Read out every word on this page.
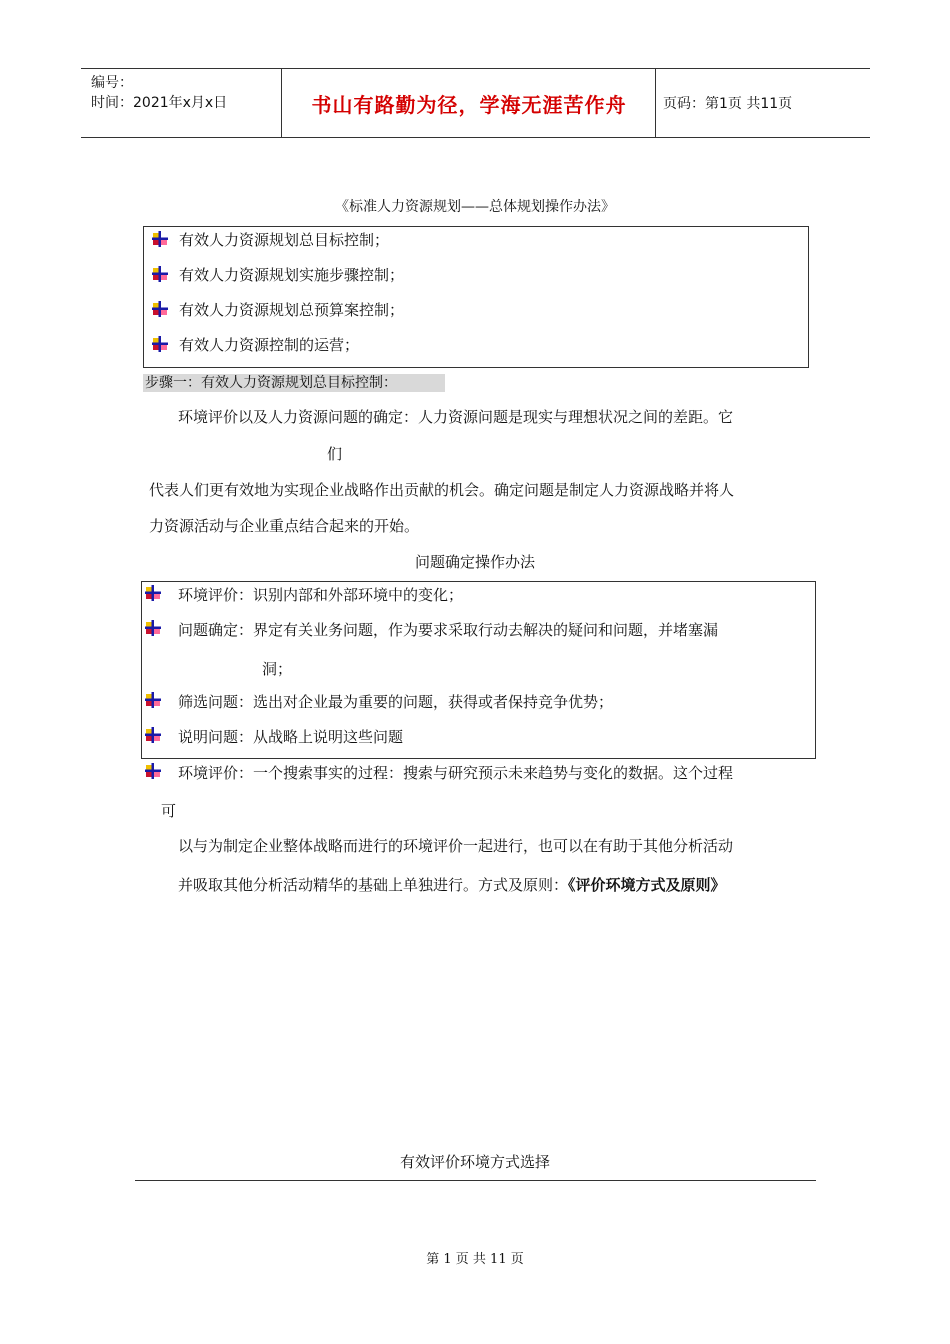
编号：
时间：2021年x月x日	书山有路勤为径，学海无涯苦作舟	页码：第1页 共11页
《标准人力资源规划——总体规划操作办法》
有效人力资源规划总目标控制；
有效人力资源规划实施步骤控制；
有效人力资源规划总预算案控制；
有效人力资源控制的运营；
步骤一：有效人力资源规划总目标控制：
环境评价以及人力资源问题的确定：人力资源问题是现实与理想状况之间的差距。它
们
代表人们更有效地为实现企业战略作出贡献的机会。确定问题是制定人力资源战略并将人
力资源活动与企业重点结合起来的开始。
问题确定操作办法
环境评价：识别内部和外部环境中的变化；
问题确定：界定有关业务问题，作为要求采取行动去解决的疑问和问题，并堵塞漏
洞；
筛选问题：选出对企业最为重要的问题，获得或者保持竞争优势；
说明问题：从战略上说明这些问题
环境评价：一个搜索事实的过程：搜索与研究预示未来趋势与变化的数据。这个过程
可
以与为制定企业整体战略而进行的环境评价一起进行，也可以在有助于其他分析活动
并吸取其他分析活动精华的基础上单独进行。方式及原则：《评价环境方式及原则》
有效评价环境方式选择
第 1 页 共 11 页
